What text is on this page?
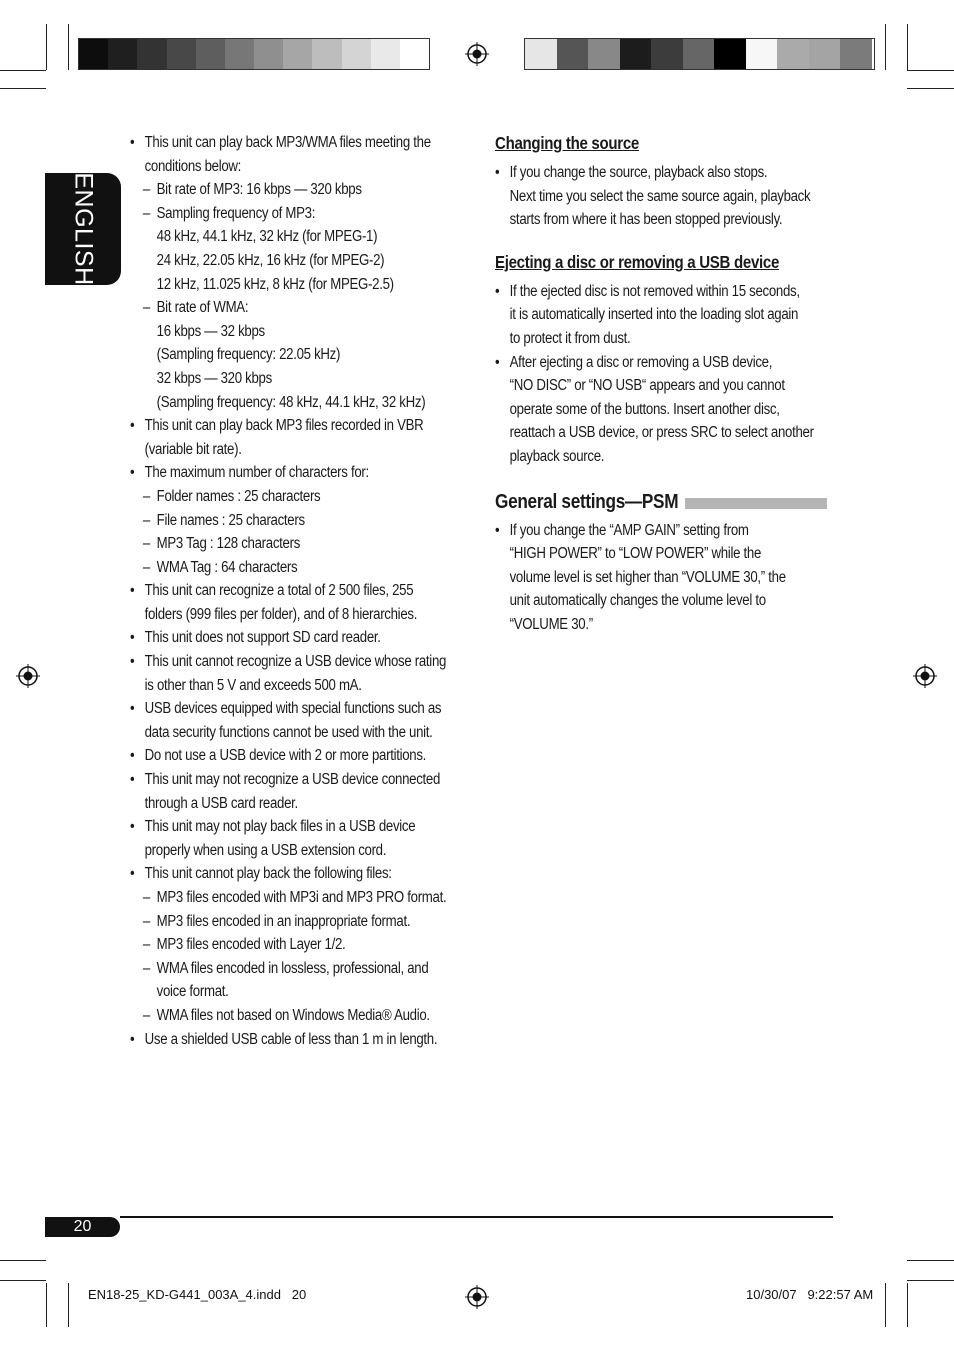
ENGLISH
• This unit can play back MP3/WMA files meeting the
conditions below:
– Bit rate of MP3: 16 kbps — 320 kbps
– Sampling frequency of MP3:
48 kHz, 44.1 kHz, 32 kHz (for MPEG-1)
24 kHz, 22.05 kHz, 16 kHz (for MPEG-2)
12 kHz, 11.025 kHz, 8 kHz (for MPEG-2.5)
– Bit rate of WMA:
16 kbps — 32 kbps
(Sampling frequency: 22.05 kHz)
32 kbps — 320 kbps
(Sampling frequency: 48 kHz, 44.1 kHz, 32 kHz)
• This unit can play back MP3 files recorded in VBR
(variable bit rate).
• The maximum number of characters for:
– Folder names : 25 characters
– File names : 25 characters
– MP3 Tag : 128 characters
– WMA Tag : 64 characters
• This unit can recognize a total of 2 500 files, 255
folders (999 files per folder), and of 8 hierarchies.
• This unit does not support SD card reader.
• This unit cannot recognize a USB device whose rating
is other than 5 V and exceeds 500 mA.
• USB devices equipped with special functions such as
data security functions cannot be used with the unit.
• Do not use a USB device with 2 or more partitions.
• This unit may not recognize a USB device connected
through a USB card reader.
• This unit may not play back files in a USB device
properly when using a USB extension cord.
• This unit cannot play back the following files:
– MP3 files encoded with MP3i and MP3 PRO format.
– MP3 files encoded in an inappropriate format.
– MP3 files encoded with Layer 1/2.
– WMA files encoded in lossless, professional, and
voice format.
– WMA files not based on Windows Media® Audio.
• Use a shielded USB cable of less than 1 m in length.
Changing the source
• If you change the source, playback also stops.
Next time you select the same source again, playback
starts from where it has been stopped previously.
Ejecting a disc or removing a USB device
• If the ejected disc is not removed within 15 seconds,
it is automatically inserted into the loading slot again
to protect it from dust.
• After ejecting a disc or removing a USB device,
“NO DISC” or “NO USB“ appears and you cannot
operate some of the buttons. Insert another disc,
reattach a USB device, or press SRC to select another
playback source.
General settings—PSM
• If you change the “AMP GAIN” setting from
“HIGH POWER” to “LOW POWER” while the
volume level is set higher than “VOLUME 30,” the
unit automatically changes the volume level to
“VOLUME 30.”
20
EN18-25_KD-G441_003A_4.indd   20	10/30/07   9:22:57 AM
